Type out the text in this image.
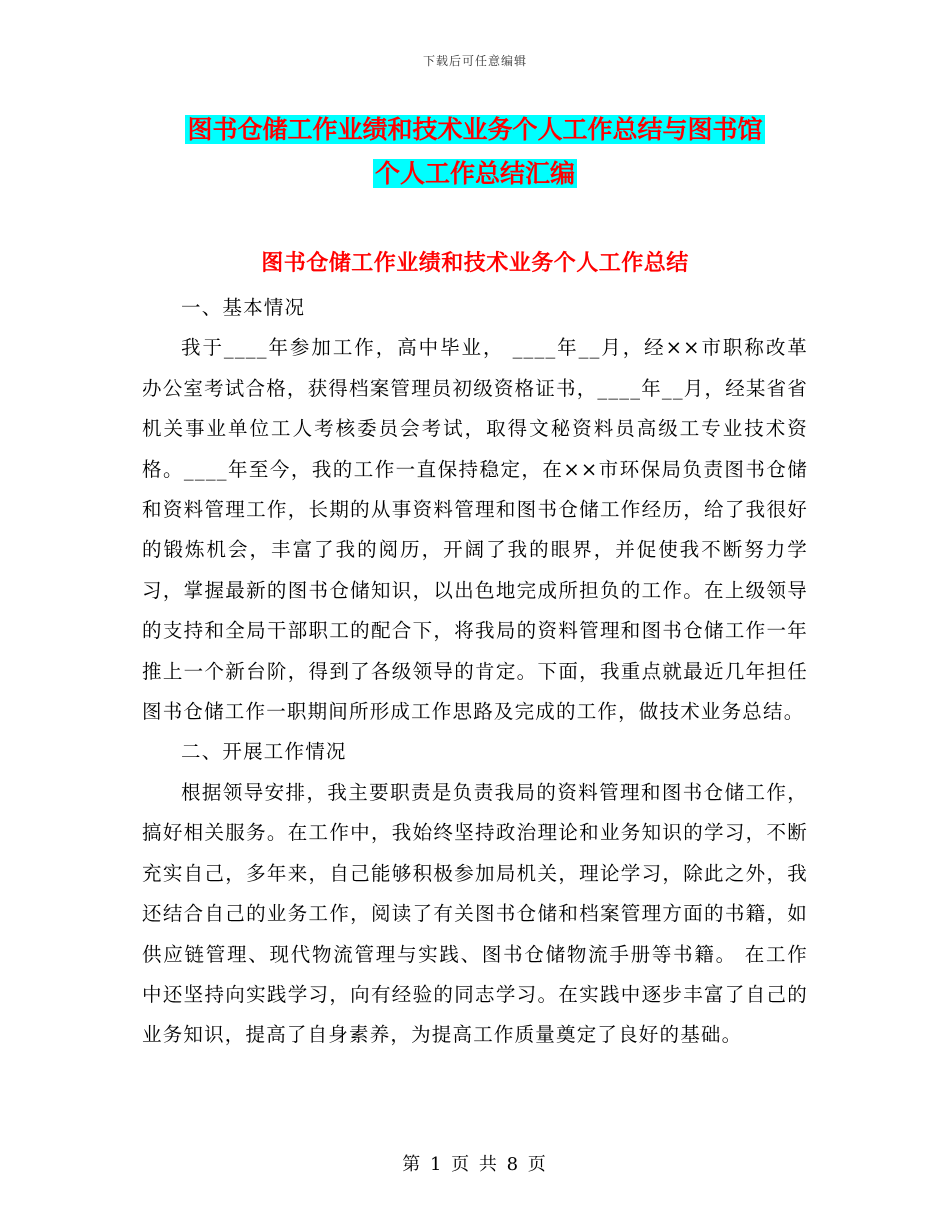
下载后可任意编辑
图书仓储工作业绩和技术业务个人工作总结与图书馆
个人工作总结汇编
图书仓储工作业绩和技术业务个人工作总结

一、基本情况

我于____年参加工作，高中毕业， ____年__月，经××市职称改革办公室考试合格，获得档案管理员初级资格证书，____年__月，经某省省机关事业单位工人考核委员会考试，取得文秘资料员高级工专业技术资格。____年至今，我的工作一直保持稳定，在××市环保局负责图书仓储和资料管理工作，长期的从事资料管理和图书仓储工作经历，给了我很好的锻炼机会，丰富了我的阅历，开阔了我的眼界，并促使我不断努力学习，掌握最新的图书仓储知识，以出色地完成所担负的工作。在上级领导的支持和全局干部职工的配合下，将我局的资料管理和图书仓储工作一年推上一个新台阶，得到了各级领导的肯定。下面，我重点就最近几年担任图书仓储工作一职期间所形成工作思路及完成的工作，做技术业务总结。

二、开展工作情况

根据领导安排，我主要职责是负责我局的资料管理和图书仓储工作，搞好相关服务。在工作中，我始终坚持政治理论和业务知识的学习，不断充实自己，多年来，自己能够积极参加局机关，理论学习，除此之外，我还结合自己的业务工作，阅读了有关图书仓储和档案管理方面的书籍，如供应链管理、现代物流管理与实践、图书仓储物流手册等书籍。 在工作中还坚持向实践学习，向有经验的同志学习。在实践中逐步丰富了自己的业务知识，提高了自身素养，为提高工作质量奠定了良好的基础。

第 1 页 共 8 页
